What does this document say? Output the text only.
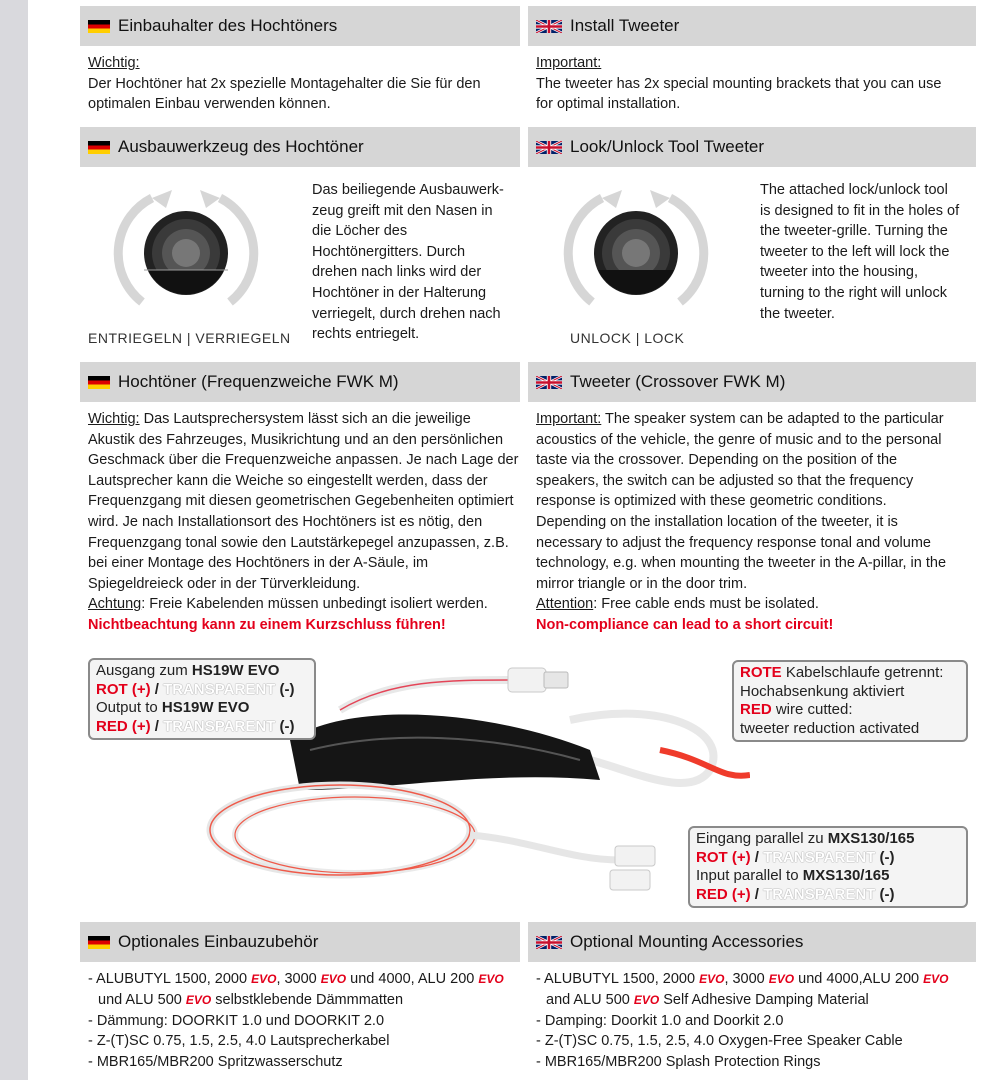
Einbauhalter des Hochtöners	Install Tweeter

Wichtig:

Der Hochtöner hat 2x spezielle Montagehalter die Sie für den

optimalen Einbau verwenden können.

Important:

The tweeter has 2x special mounting brackets that you can use

for optimal installation.

Ausbauwerkzeug des Hochtöner	Look/Unlock Tool Tweeter
ENTRIEGELN | VERRIEGELN

Das beiliegende Ausbauwerk-

zeug greift mit den Nasen in

die Löcher des

Hochtönergitters. Durch

drehen nach links wird der

Hochtöner in der Halterung

verriegelt, durch drehen nach

rechts entriegelt.	UNLOCK | LOCK

The attached lock/unlock tool

is designed to fit in the holes of

the tweeter-grille. Turning the

tweeter to the left will lock the

tweeter into the housing,

turning to the right will unlock

the tweeter.

Hochtöner (Frequenzweiche FWK M)	Tweeter (Crossover FWK M)

Wichtig: Das Lautsprechersystem lässt sich an die jeweilige

Akustik des Fahrzeuges, Musikrichtung und an den persönlichen

Geschmack über die Frequenzweiche anpassen. Je nach Lage der

Lautsprecher kann die Weiche so eingestellt werden, dass der

Frequenzgang mit diesen geometrischen Gegebenheiten optimiert

wird. Je nach Installationsort des Hochtöners ist es nötig, den

Frequenzgang tonal sowie den Lautstärkepegel anzupassen, z.B.

bei einer Montage des Hochtöners in der A-Säule, im

Spiegeldreieck oder in der Türverkleidung.

Achtung: Freie Kabelenden müssen unbedingt isoliert werden.

Nichtbeachtung kann zu einem Kurzschluss führen!

Important: The speaker system can be adapted to the particular

acoustics of the vehicle, the genre of music and to the personal

taste via the crossover. Depending on the position of the

speakers, the switch can be adjusted so that the frequency

response is optimized with these geometric conditions.

Depending on the installation location of the tweeter, it is

necessary to adjust the frequency response tonal and volume

technology, e.g. when mounting the tweeter in the A-pillar, in the

mirror triangle or in the door trim.

Attention: Free cable ends must be isolated.

Non-compliance can lead to a short circuit!

Ausgang zum HS19W EVO
ROT (+) / TRANSPARENT (-)
Output to HS19W EVO
RED (+) / TRANSPARENT (-)
ROTE Kabelschlaufe getrennt:
Hochabsenkung aktiviert
RED wire cutted:
tweeter reduction activated
Eingang parallel zu MXS130/165
ROT (+) / TRANSPARENT (-)
Input parallel to MXS130/165
RED (+) / TRANSPARENT (-)
Optionales Einbauzubehör	Optional Mounting Accessories
- ALUBUTYL 1500, 2000 EVO, 3000 EVO und 4000, ALU 200 EVO
und ALU 500 EVO selbstklebende Dämmmatten
- Dämmung: DOORKIT 1.0 und DOORKIT 2.0
- Z-(T)SC 0.75, 1.5, 2.5, 4.0 Lautsprecherkabel
- MBR165/MBR200 Spritzwasserschutz
- ALUBUTYL 1500, 2000 EVO, 3000 EVO und 4000,ALU 200 EVO
and ALU 500 EVO Self Adhesive Damping Material
- Damping: Doorkit 1.0 and Doorkit 2.0
- Z-(T)SC 0.75, 1.5, 2.5, 4.0 Oxygen-Free Speaker Cable
- MBR165/MBR200 Splash Protection Rings
